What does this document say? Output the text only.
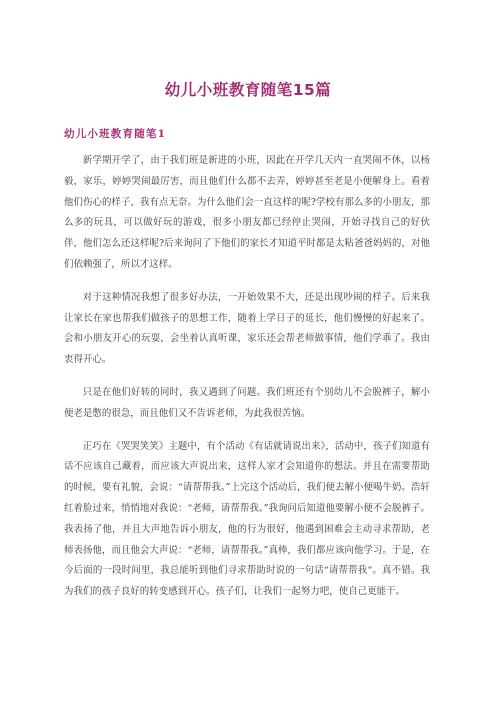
幼儿小班教育随笔15篇
幼儿小班教育随笔1

新学期开学了，由于我们班是新进的小班，因此在开学几天内一直哭闹不休，以杨毅，家乐，婷婷哭闹最厉害，而且他们什么都不去弄，婷婷甚至老是小便解身上。看着他们伤心的样子，我有点无奈。为什么他们会一直这样的呢?学校有那么多的小朋友，那么多的玩具，可以做好玩的游戏，很多小朋友都已经停止哭闹，开始寻找自己的好伙伴，他们怎么还这样呢?后来询问了下他们的家长才知道平时都是太粘爸爸妈妈的，对他们依赖强了，所以才这样。

对于这种情况我想了很多好办法，一开始效果不大，还是出现吵闹的样子。后来我让家长在家也帮我们做孩子的思想工作，随着上学日子的延长，他们慢慢的好起来了。会和小朋友开心的玩耍，会坐着认真听课，家乐还会帮老师做事情，他们学乖了。我由衷得开心。

只是在他们好转的同时，我又遇到了问题。我们班还有个别幼儿不会脱裤子，解小便老是憋的很急，而且他们又不告诉老师，为此我很苦恼。

正巧在《哭哭笑笑》主题中，有个活动《有话就请说出来》，活动中，孩子们知道有话不应该自己藏着，而应该大声说出来，这样人家才会知道你的想法。并且在需要帮助的时候，要有礼貌，会说：“请帮帮我。”上完这个活动后，我们便去解小便喝牛奶。浩轩红着脸过来，悄悄地对我说：“老师，请帮帮我。”我询问后知道他要解小便不会脱裤子。我表扬了他，并且大声地告诉小朋友，他的行为很好，他遇到困难会主动寻求帮助，老师表扬他，而且他会大声说：“老师，请帮帮我。”真棒，我们都应该向他学习。于是，在今后面的一段时间里，我总能听到他们寻求帮助时说的一句话“请帮帮我“。真不错。我为我们的孩子良好的转变感到开心。孩子们，让我们一起努力吧，使自己更能干。
